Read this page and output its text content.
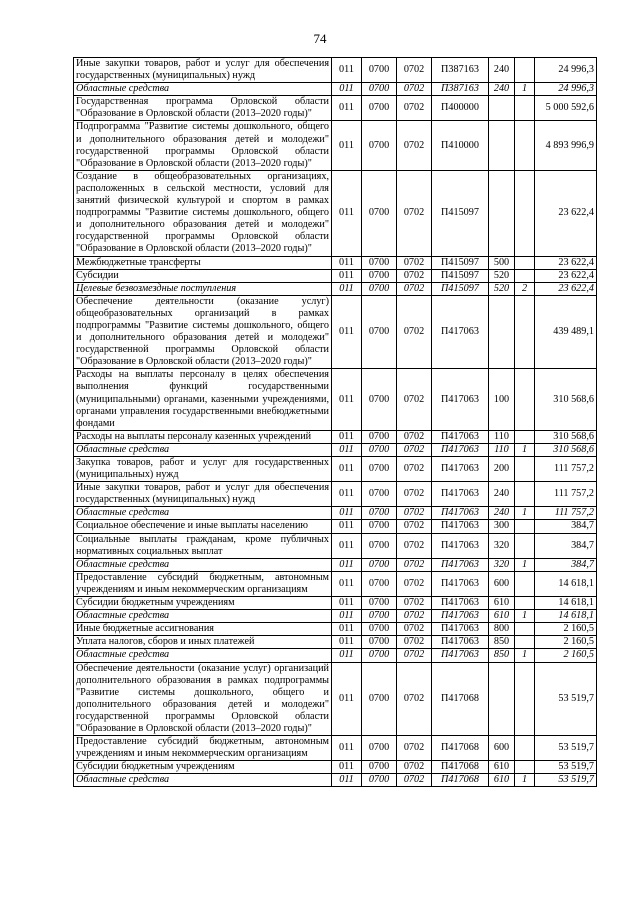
74
Иные закупки товаров, работ и услуг для обеспечения государственных (муниципальных) нужд	011	0700	0702	П387163	240		24 996,3
Областные средства	011	0700	0702	П387163	240	1	24 996,3
Государственная программа Орловской области "Образование в Орловской области (2013–2020 годы)"	011	0700	0702	П400000			5 000 592,6
Подпрограмма "Развитие системы дошкольного, общего и дополнительного образования детей и молодежи" государственной программы Орловской области "Образование в Орловской области (2013–2020 годы)"	011	0700	0702	П410000			4 893 996,9
Создание в общеобразовательных организациях, расположенных в сельской местности, условий для занятий физической культурой и спортом в рамках подпрограммы "Развитие системы дошкольного, общего и дополнительного образования детей и молодежи" государственной программы Орловской области "Образование в Орловской области (2013–2020 годы)"	011	0700	0702	П415097			23 622,4
Межбюджетные трансферты	011	0700	0702	П415097	500		23 622,4
Субсидии	011	0700	0702	П415097	520		23 622,4
Целевые безвозмездные поступления	011	0700	0702	П415097	520	2	23 622,4
Обеспечение деятельности (оказание услуг) общеобразовательных организаций в рамках подпрограммы "Развитие системы дошкольного, общего и дополнительного образования детей и молодежи" государственной программы Орловской области "Образование в Орловской области (2013–2020 годы)"	011	0700	0702	П417063			439 489,1
Расходы на выплаты персоналу в целях обеспечения выполнения функций государственными (муниципальными) органами, казенными учреждениями, органами управления государственными внебюджетными фондами	011	0700	0702	П417063	100		310 568,6
Расходы на выплаты персоналу казенных учреждений	011	0700	0702	П417063	110		310 568,6
Областные средства	011	0700	0702	П417063	110	1	310 568,6
Закупка товаров, работ и услуг для государственных (муниципальных) нужд	011	0700	0702	П417063	200		111 757,2
Иные закупки товаров, работ и услуг для обеспечения государственных (муниципальных) нужд	011	0700	0702	П417063	240		111 757,2
Областные средства	011	0700	0702	П417063	240	1	111 757,2
Социальное обеспечение и иные выплаты населению	011	0700	0702	П417063	300		384,7
Социальные выплаты гражданам, кроме публичных нормативных социальных выплат	011	0700	0702	П417063	320		384,7
Областные средства	011	0700	0702	П417063	320	1	384,7
Предоставление субсидий бюджетным, автономным учреждениям и иным некоммерческим организациям	011	0700	0702	П417063	600		14 618,1
Субсидии бюджетным учреждениям	011	0700	0702	П417063	610		14 618,1
Областные средства	011	0700	0702	П417063	610	1	14 618,1
Иные бюджетные ассигнования	011	0700	0702	П417063	800		2 160,5
Уплата налогов, сборов и иных платежей	011	0700	0702	П417063	850		2 160,5
Областные средства	011	0700	0702	П417063	850	1	2 160,5
Обеспечение деятельности (оказание услуг) организаций дополнительного образования в рамках подпрограммы "Развитие системы дошкольного, общего и дополнительного образования детей и молодежи" государственной программы Орловской области "Образование в Орловской области (2013–2020 годы)"	011	0700	0702	П417068			53 519,7
Предоставление субсидий бюджетным, автономным учреждениям и иным некоммерческим организациям	011	0700	0702	П417068	600		53 519,7
Субсидии бюджетным учреждениям	011	0700	0702	П417068	610		53 519,7
Областные средства	011	0700	0702	П417068	610	1	53 519,7
